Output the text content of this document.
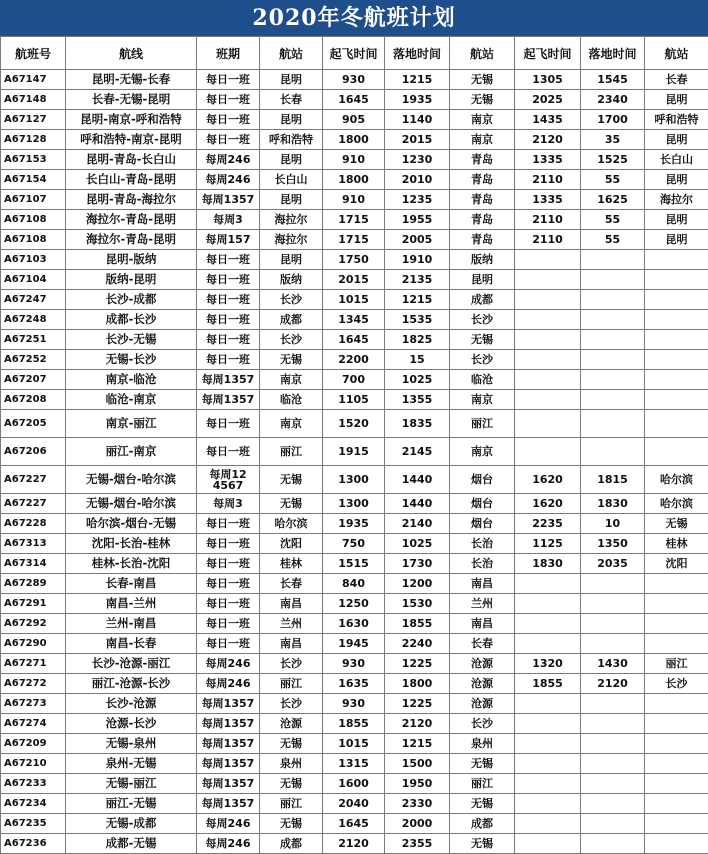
2020年冬航班计划
航班号	航线	班期	航站	起飞时间	落地时间	航站	起飞时间	落地时间	航站
A67147	昆明-无锡-长春	每日一班	昆明	930	1215	无锡	1305	1545	长春
A67148	长春-无锡-昆明	每日一班	长春	1645	1935	无锡	2025	2340	昆明
A67127	昆明-南京-呼和浩特	每日一班	昆明	905	1140	南京	1435	1700	呼和浩特
A67128	呼和浩特-南京-昆明	每日一班	呼和浩特	1800	2015	南京	2120	35	昆明
A67153	昆明-青岛-长白山	每周246	昆明	910	1230	青岛	1335	1525	长白山
A67154	长白山-青岛-昆明	每周246	长白山	1800	2010	青岛	2110	55	昆明
A67107	昆明-青岛-海拉尔	每周1357	昆明	910	1235	青岛	1335	1625	海拉尔
A67108	海拉尔-青岛-昆明	每周3	海拉尔	1715	1955	青岛	2110	55	昆明
A67108	海拉尔-青岛-昆明	每周157	海拉尔	1715	2005	青岛	2110	55	昆明
A67103	昆明-版纳	每日一班	昆明	1750	1910	版纳			
A67104	版纳-昆明	每日一班	版纳	2015	2135	昆明			
A67247	长沙-成都	每日一班	长沙	1015	1215	成都			
A67248	成都-长沙	每日一班	成都	1345	1535	长沙			
A67251	长沙-无锡	每日一班	长沙	1645	1825	无锡			
A67252	无锡-长沙	每日一班	无锡	2200	15	长沙			
A67207	南京-临沧	每周1357	南京	700	1025	临沧			
A67208	临沧-南京	每周1357	临沧	1105	1355	南京			
A67205	南京-丽江	每日一班	南京	1520	1835	丽江			
A67206	丽江-南京	每日一班	丽江	1915	2145	南京			
A67227	无锡-烟台-哈尔滨	每周124567	无锡	1300	1440	烟台	1620	1815	哈尔滨
A67227	无锡-烟台-哈尔滨	每周3	无锡	1300	1440	烟台	1620	1830	哈尔滨
A67228	哈尔滨-烟台-无锡	每日一班	哈尔滨	1935	2140	烟台	2235	10	无锡
A67313	沈阳-长治-桂林	每日一班	沈阳	750	1025	长治	1125	1350	桂林
A67314	桂林-长治-沈阳	每日一班	桂林	1515	1730	长治	1830	2035	沈阳
A67289	长春-南昌	每日一班	长春	840	1200	南昌			
A67291	南昌-兰州	每日一班	南昌	1250	1530	兰州			
A67292	兰州-南昌	每日一班	兰州	1630	1855	南昌			
A67290	南昌-长春	每日一班	南昌	1945	2240	长春			
A67271	长沙-沧源-丽江	每周246	长沙	930	1225	沧源	1320	1430	丽江
A67272	丽江-沧源-长沙	每周246	丽江	1635	1800	沧源	1855	2120	长沙
A67273	长沙-沧源	每周1357	长沙	930	1225	沧源			
A67274	沧源-长沙	每周1357	沧源	1855	2120	长沙			
A67209	无锡-泉州	每周1357	无锡	1015	1215	泉州			
A67210	泉州-无锡	每周1357	泉州	1315	1500	无锡			
A67233	无锡-丽江	每周1357	无锡	1600	1950	丽江			
A67234	丽江-无锡	每周1357	丽江	2040	2330	无锡			
A67235	无锡-成都	每周246	无锡	1645	2000	成都			
A67236	成都-无锡	每周246	成都	2120	2355	无锡			
